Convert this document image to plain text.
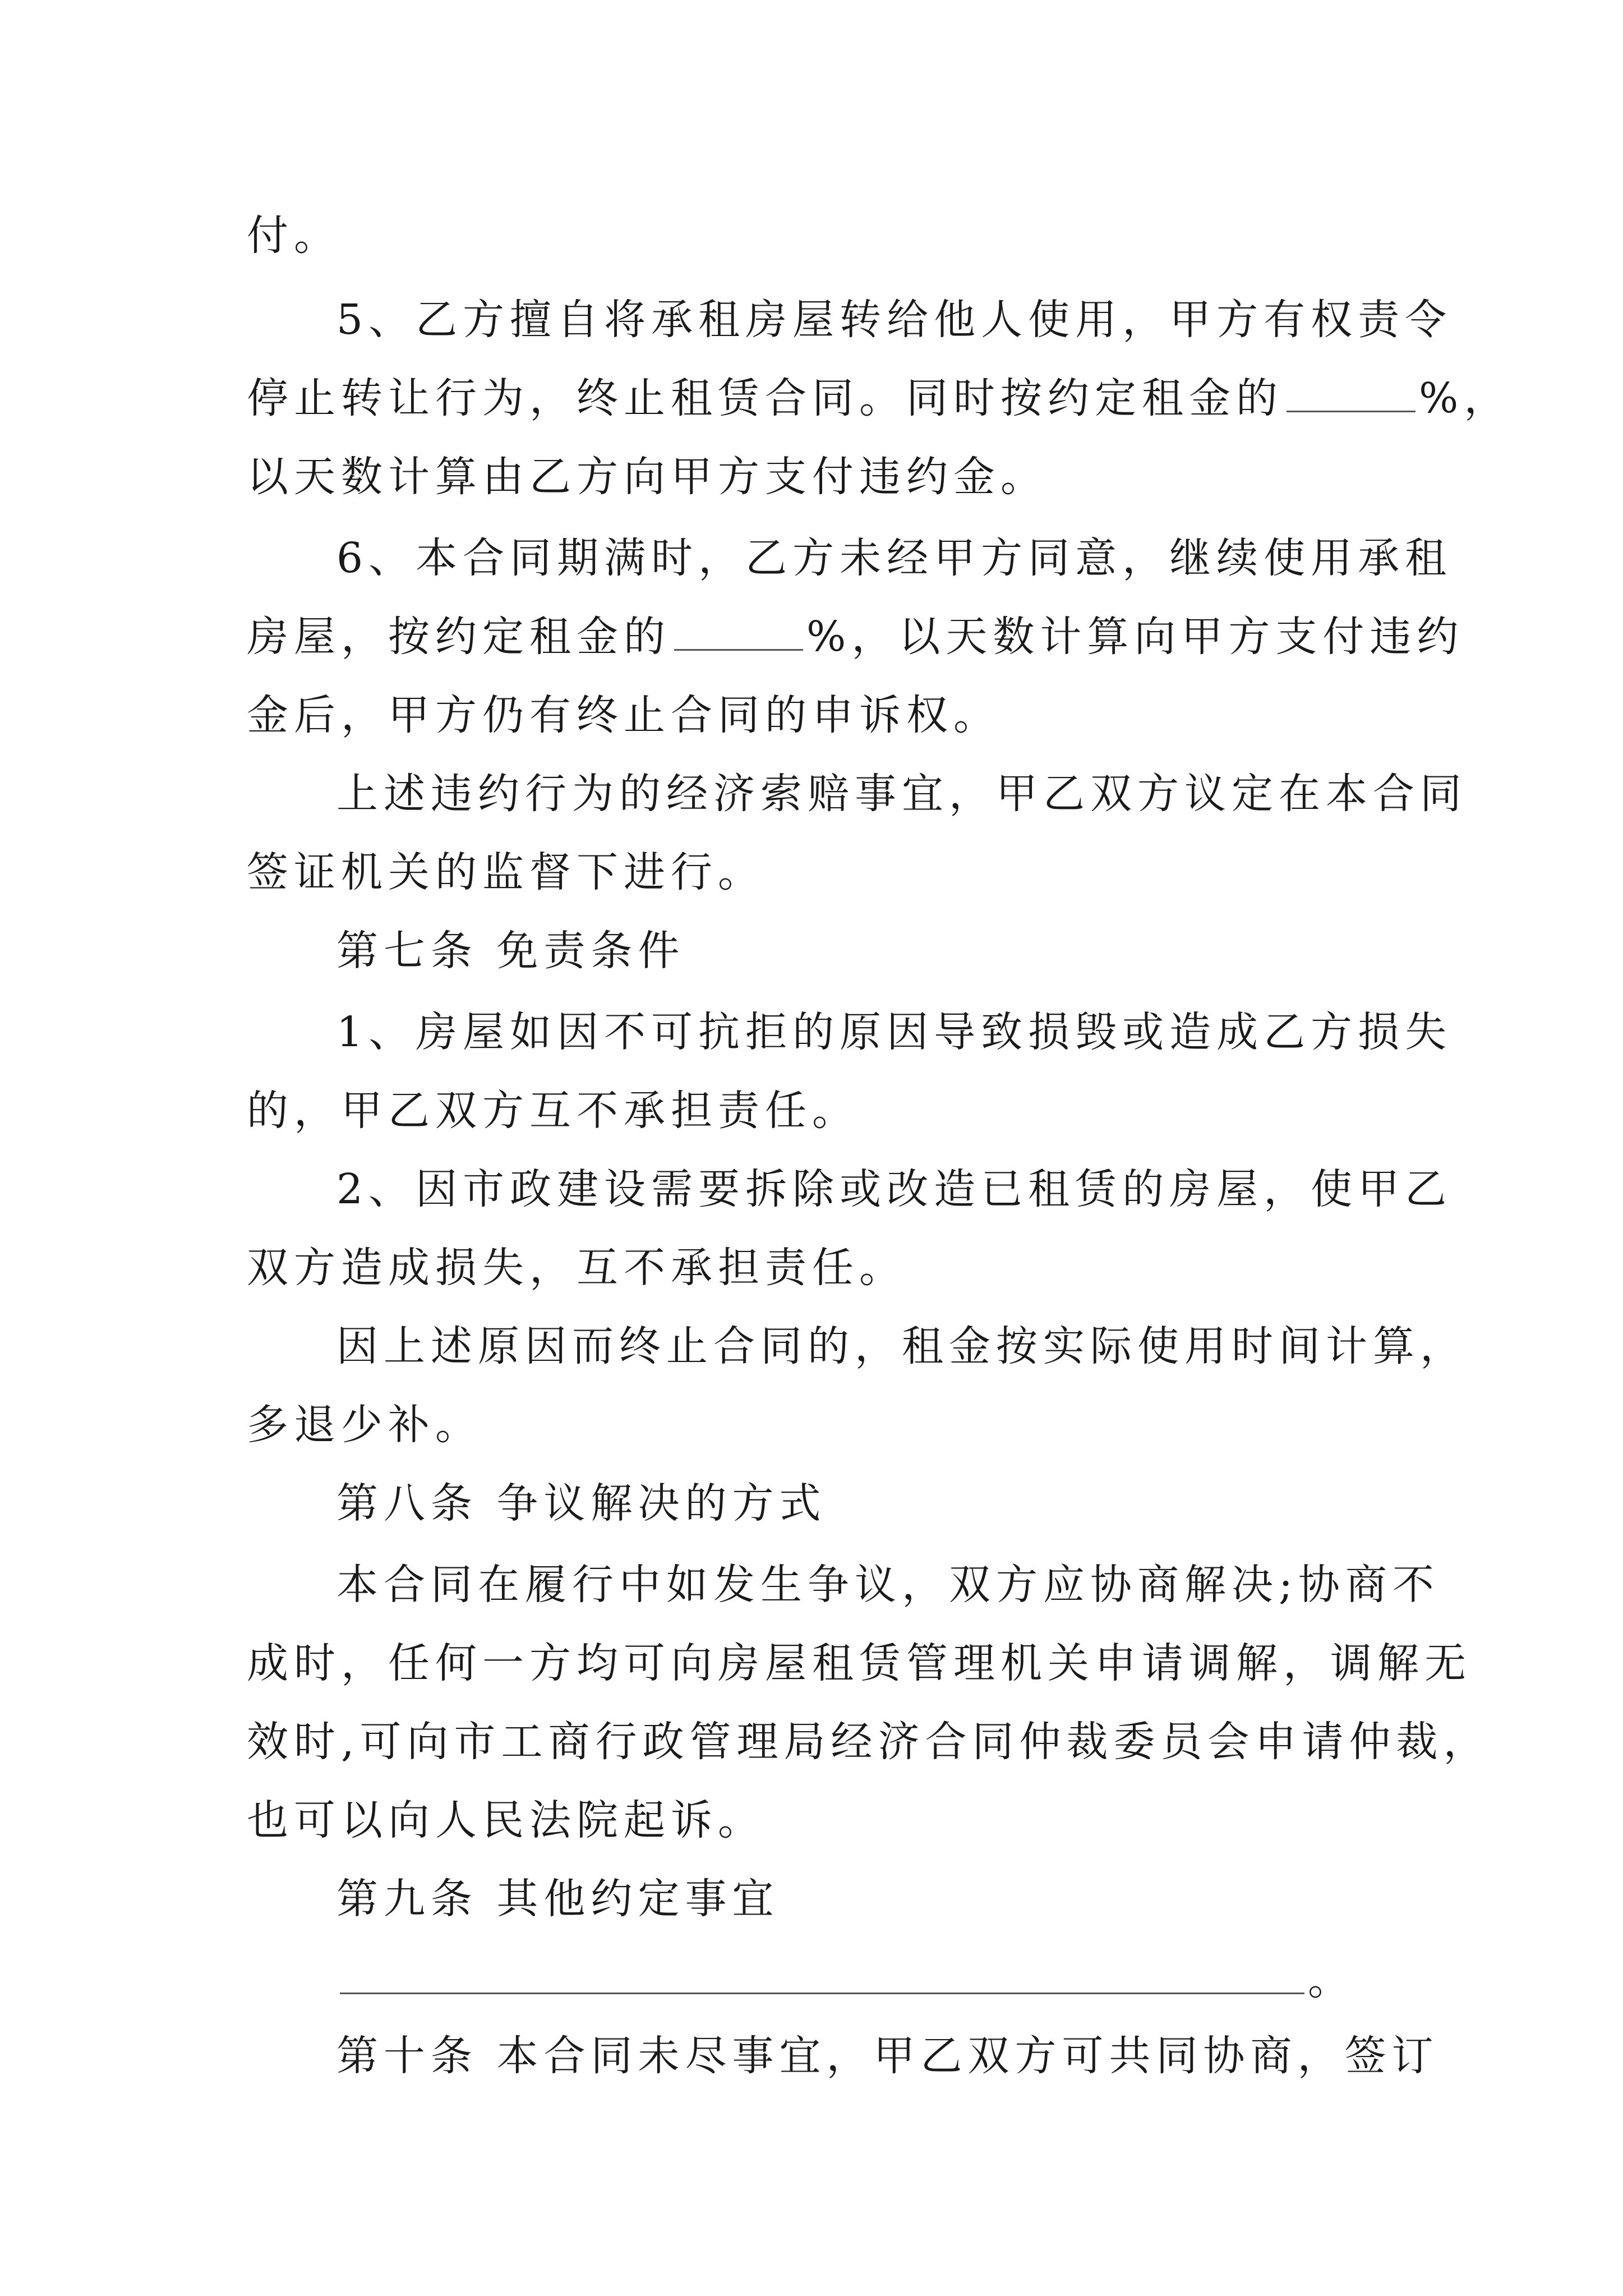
付。
5、乙方擅自将承租房屋转给他人使用，甲方有权责令
停止转让行为，终止租赁合同。同时按约定租金的	%，
以天数计算由乙方向甲方支付违约金。
6、本合同期满时，乙方未经甲方同意，继续使用承租
房屋，按约定租金的	%，以天数计算向甲方支付违约
金后，甲方仍有终止合同的申诉权。
上述违约行为的经济索赔事宜，甲乙双方议定在本合同
签证机关的监督下进行。
第七条 免责条件
1、房屋如因不可抗拒的原因导致损毁或造成乙方损失
的，甲乙双方互不承担责任。
2、因市政建设需要拆除或改造已租赁的房屋，使甲乙
双方造成损失，互不承担责任。
因上述原因而终止合同的，租金按实际使用时间计算，
多退少补。
第八条 争议解决的方式
本合同在履行中如发生争议，双方应协商解决;协商不
成时，任何一方均可向房屋租赁管理机关申请调解，调解无
效时,可向市工商行政管理局经济合同仲裁委员会申请仲裁，
也可以向人民法院起诉。
第九条 其他约定事宜
。
第十条 本合同未尽事宜，甲乙双方可共同协商，签订
